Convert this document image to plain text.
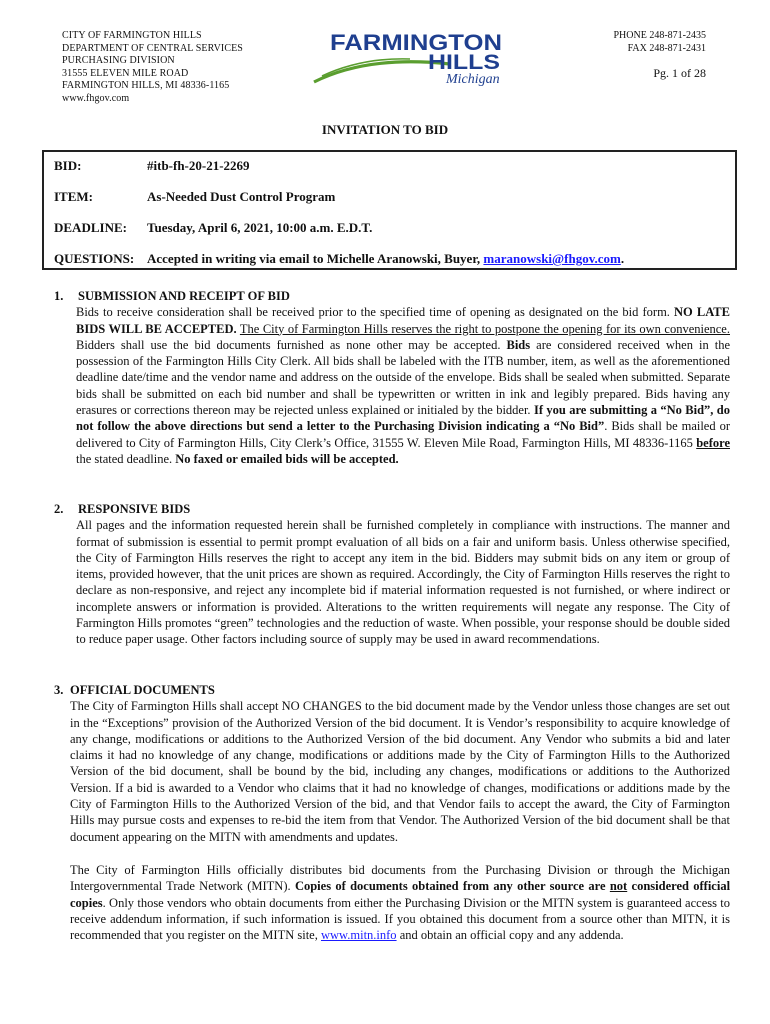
CITY OF FARMINGTON HILLS
DEPARTMENT OF CENTRAL SERVICES
PURCHASING DIVISION
31555 ELEVEN MILE ROAD
FARMINGTON HILLS, MI 48336-1165
www.fhgov.com
FARMINGTON
HILLS
Michigan
PHONE 248-871-2435
FAX 248-871-2431
Pg. 1 of 28
INVITATION TO BID
BID:	#itb-fh-20-21-2269
ITEM:	As-Needed Dust Control Program
DEADLINE: Tuesday, April 6, 2021, 10:00 a.m. E.D.T.
QUESTIONS: Accepted in writing via email to Michelle Aranowski, Buyer, maranowski@fhgov.com.
1. SUBMISSION AND RECEIPT OF BID
Bids to receive consideration shall be received prior to the specified time of opening as designated on the bid form. NO LATE BIDS WILL BE ACCEPTED. The City of Farmington Hills reserves the right to postpone the opening for its own convenience. Bidders shall use the bid documents furnished as none other may be accepted. Bids are considered received when in the possession of the Farmington Hills City Clerk. All bids shall be labeled with the ITB number, item, as well as the aforementioned deadline date/time and the vendor name and address on the outside of the envelope. Bids shall be sealed when submitted. Separate bids shall be submitted on each bid number and shall be typewritten or written in ink and legibly prepared. Bids having any erasures or corrections thereon may be rejected unless explained or initialed by the bidder. If you are submitting a “No Bid”, do not follow the above directions but send a letter to the Purchasing Division indicating a “No Bid”. Bids shall be mailed or delivered to City of Farmington Hills, City Clerk’s Office, 31555 W. Eleven Mile Road, Farmington Hills, MI 48336-1165 before the stated deadline. No faxed or emailed bids will be accepted.
2. RESPONSIVE BIDS
All pages and the information requested herein shall be furnished completely in compliance with instructions. The manner and format of submission is essential to permit prompt evaluation of all bids on a fair and uniform basis. Unless otherwise specified, the City of Farmington Hills reserves the right to accept any item in the bid. Bidders may submit bids on any item or group of items, provided however, that the unit prices are shown as required. Accordingly, the City of Farmington Hills reserves the right to declare as non-responsive, and reject any incomplete bid if material information requested is not furnished, or where indirect or incomplete answers or information is provided. Alterations to the written requirements will negate any response. The City of Farmington Hills promotes “green” technologies and the reduction of waste. When possible, your response should be double sided to reduce paper usage. Other factors including source of supply may be used in award recommendations.
3. OFFICIAL DOCUMENTS
The City of Farmington Hills shall accept NO CHANGES to the bid document made by the Vendor unless those changes are set out in the “Exceptions” provision of the Authorized Version of the bid document. It is Vendor’s responsibility to acquire knowledge of any change, modifications or additions to the Authorized Version of the bid document. Any Vendor who submits a bid and later claims it had no knowledge of any change, modifications or additions made by the City of Farmington Hills to the Authorized Version of the bid document, shall be bound by the bid, including any changes, modifications or additions to the Authorized Version. If a bid is awarded to a Vendor who claims that it had no knowledge of changes, modifications or additions made by the City of Farmington Hills to the Authorized Version of the bid, and that Vendor fails to accept the award, the City of Farmington Hills may pursue costs and expenses to re-bid the item from that Vendor. The Authorized Version of the bid document shall be that document appearing on the MITN with amendments and updates.
The City of Farmington Hills officially distributes bid documents from the Purchasing Division or through the Michigan Intergovernmental Trade Network (MITN). Copies of documents obtained from any other source are not considered official copies. Only those vendors who obtain documents from either the Purchasing Division or the MITN system is guaranteed access to receive addendum information, if such information is issued. If you obtained this document from a source other than MITN, it is recommended that you register on the MITN site, www.mitn.info and obtain an official copy and any addenda.
